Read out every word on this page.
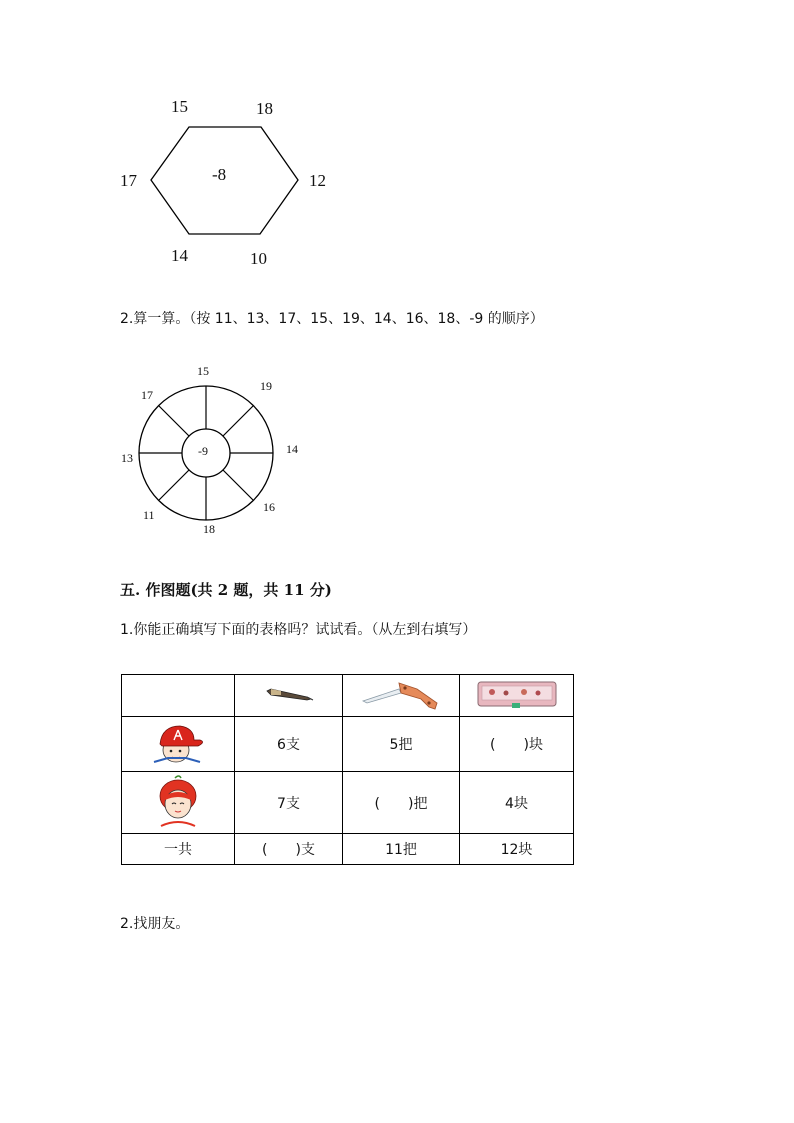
-8
15	18
12
10
14
17
2.算一算。（按 11、13、17、15、19、14、16、18、-9 的顺序）
-9
15
19
14
16
18
11
13
17
五. 作图题(共 2 题，共 11 分)
1.你能正确填写下面的表格吗？试试看。（从左到右填写）

	6支	5把	(　　)块
	7支	(　　)把	4块
一共	(　　)支	11把	12块
2.找朋友。
